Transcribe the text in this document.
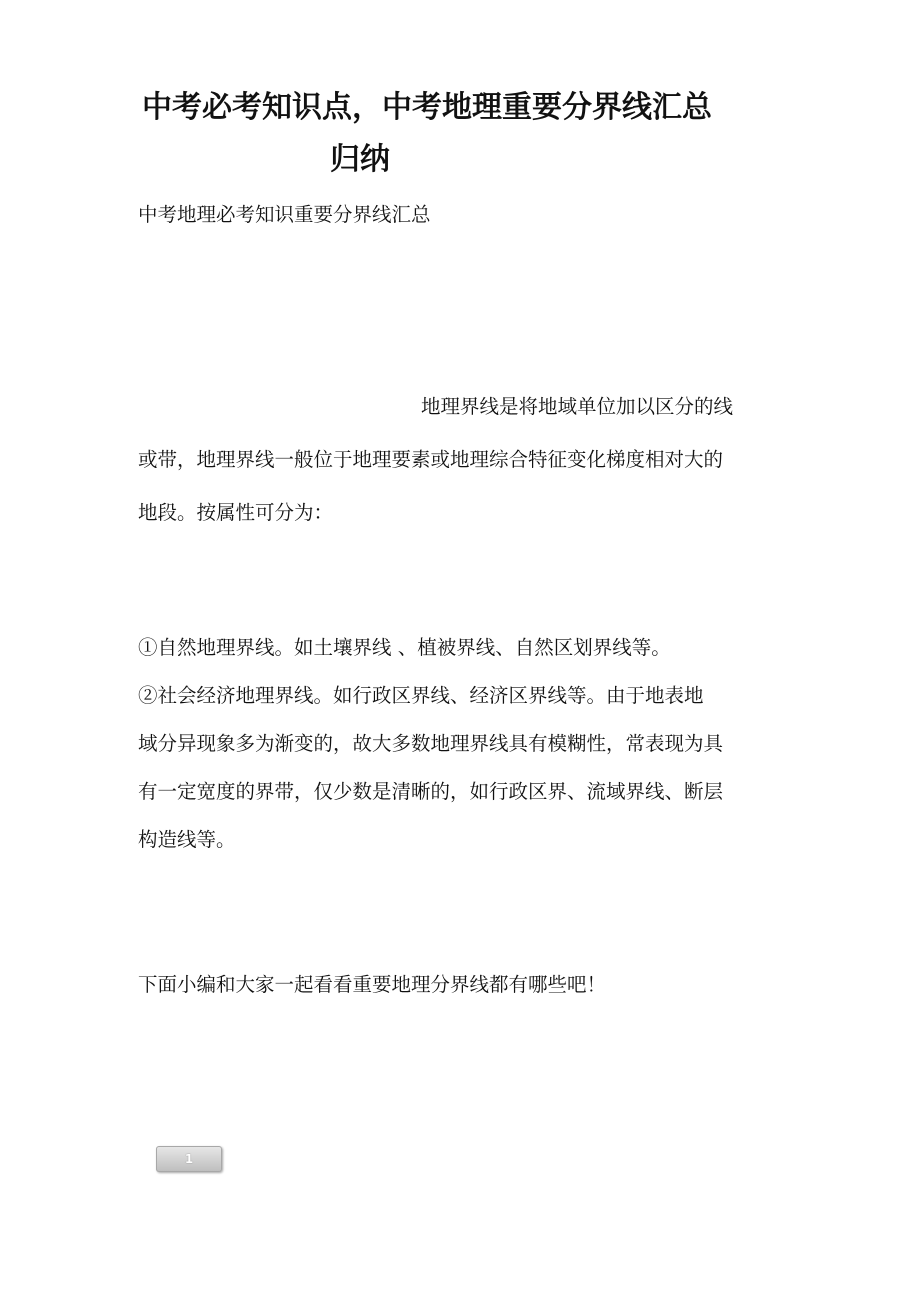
中考必考知识点，中考地理重要分界线汇总
归纳

中考地理必考知识重要分界线汇总

地理界线是将地域单位加以区分的线
或带，地理界线一般位于地理要素或地理综合特征变化梯度相对大的
地段。按属性可分为：
①自然地理界线。如土壤界线 、植被界线、自然区划界线等。
②社会经济地理界线。如行政区界线、经济区界线等。由于地表地
域分异现象多为渐变的，故大多数地理界线具有模糊性，常表现为具
有一定宽度的界带，仅少数是清晰的，如行政区界、流域界线、断层
构造线等。

下面小编和大家一起看看重要地理分界线都有哪些吧！

1
